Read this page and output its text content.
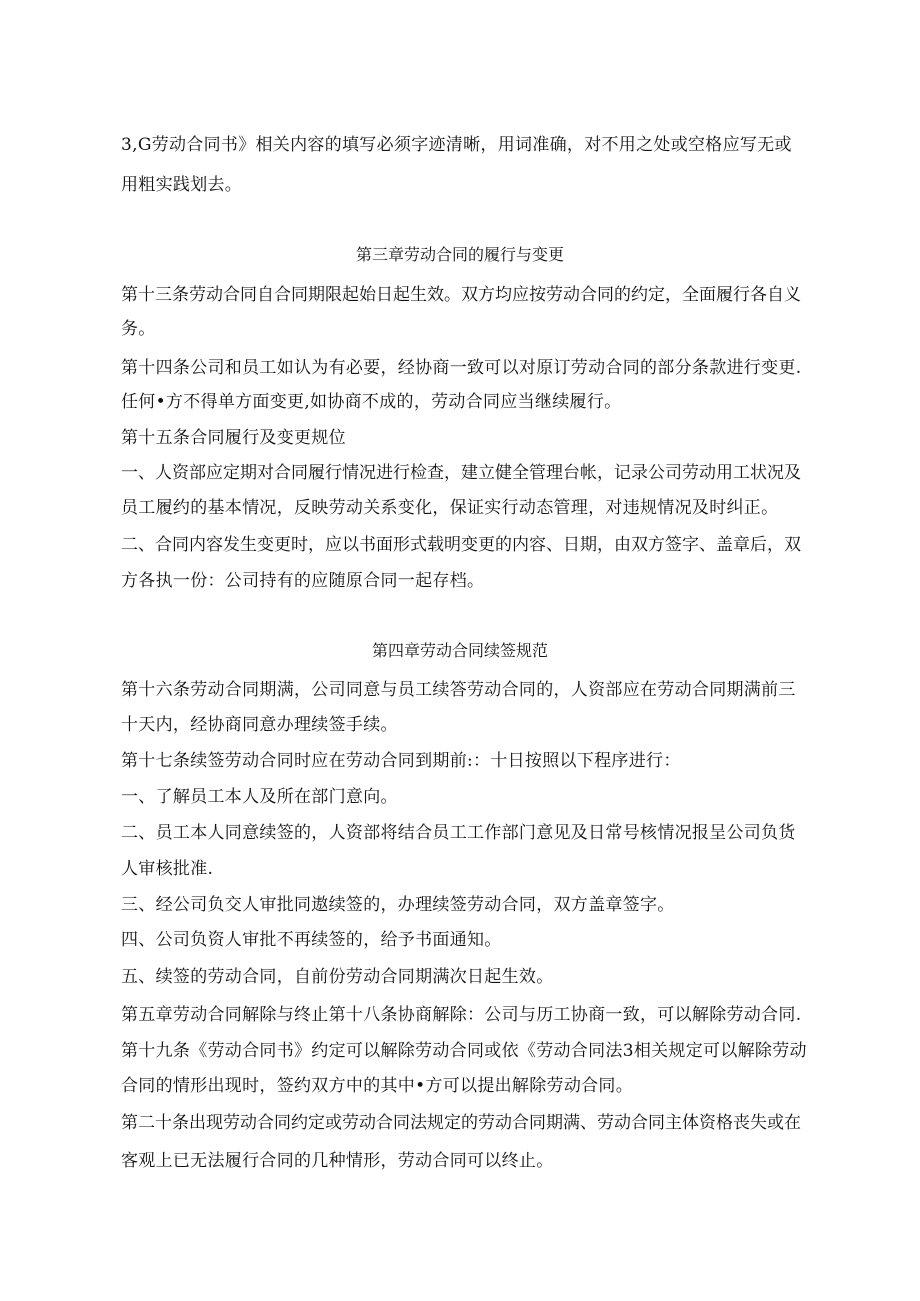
3,G劳动合同书》相关内容的填写必须字迹清晰，用词准确，对不用之处或空格应写无或
用粗实践划去。
第三章劳动合同的履行与变更
第十三条劳动合同自合同期限起始日起生效。双方均应按劳动合同的约定，全面履行各自义
务。
第十四条公司和员工如认为有必要，经协商一致可以对原订劳动合同的部分条款进行变更.
任何•方不得单方面变更,如协商不成的，劳动合同应当继续履行。
第十五条合同履行及变更规位
一、人资部应定期对合同履行情况进行检查，建立健全管理台帐，记录公司劳动用工状况及
员工履约的基本情况，反映劳动关系变化，保证实行动态管理，对违规情况及时纠正。
二、合同内容发生变更时，应以书面形式载明变更的内容、日期，由双方签字、盖章后，双
方各执一份：公司持有的应随原合同一起存档。
第四章劳动合同续签规范
第十六条劳动合同期满，公司同意与员工续答劳动合同的，人资部应在劳动合同期满前三
十天内，经协商同意办理续签手续。
第十七条续签劳动合同时应在劳动合同到期前:：十日按照以下程序进行：
一、了解员工本人及所在部门意向。
二、员工本人同意续签的，人资部将结合员工工作部门意见及日常号核情况报呈公司负货
人审核批准.
三、经公司负交人审批同遨续签的，办理续签劳动合同，双方盖章签字。
四、公司负资人审批不再续签的，给予书面通知。
五、续签的劳动合同，自前份劳动合同期满次日起生效。
第五章劳动合同解除与终止第十八条协商解除：公司与历工协商一致，可以解除劳动合同.
第十九条《劳动合同书》约定可以解除劳动合同或依《劳动合同法3相关规定可以解除劳动
合同的情形出现时，签约双方中的其中•方可以提出解除劳动合同。
第二十条出现劳动合同约定或劳动合同法规定的劳动合同期满、劳动合同主体资格丧失或在
客观上已无法履行合同的几种情形，劳动合同可以终止。
